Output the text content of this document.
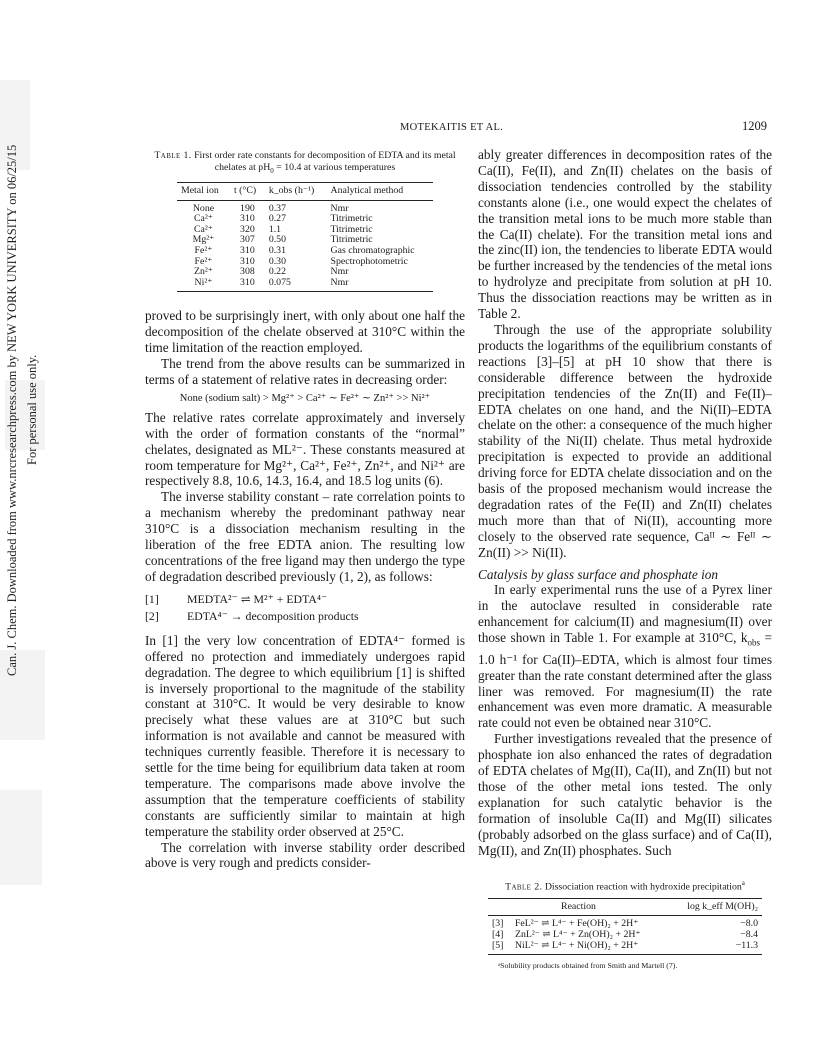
MOTEKAITIS ET AL.	1209
Can. J. Chem. Downloaded from www.nrcresearchpress.com by NEW YORK UNIVERSITY on 06/25/15 For personal use only.
Table 1. First order rate constants for decomposition of EDTA and its metal chelates at $pH_0 = 10.4$ at various temperatures
Metal ion	t (°C)	k_obs (h⁻¹)	Analytical method
None	190	0.37	Nmr
Ca²⁺	310	0.27	Titrimetric
Ca²⁺	320	1.1	Titrimetric
Mg²⁺	307	0.50	Titrimetric
Fe²⁺	310	0.31	Gas chromatographic
Fe²⁺	310	0.30	Spectrophotometric
Zn²⁺	308	0.22	Nmr
Ni²⁺	310	0.075	Nmr

proved to be surprisingly inert, with only about one half the decomposition of the chelate observed at 310°C within the time limitation of the reaction employed.

The trend from the above results can be summarized in terms of a statement of relative rates in decreasing order:

None (sodium salt) > Mg²⁺ > Ca²⁺ ∼ Fe²⁺ ∼ Zn²⁺ >> Ni²⁺

The relative rates correlate approximately and inversely with the order of formation constants of the “normal” chelates, designated as ML²⁻. These constants measured at room temperature for Mg²⁺, Ca²⁺, Fe²⁺, Zn²⁺, and Ni²⁺ are respectively 8.8, 10.6, 14.3, 16.4, and 18.5 log units (6).

The inverse stability constant – rate correlation points to a mechanism whereby the predominant pathway near 310°C is a dissociation mechanism resulting in the liberation of the free EDTA anion. The resulting low concentrations of the free ligand may then undergo the type of degradation described previously (1, 2), as follows:

[1]	MEDTA²⁻ ⇌ M²⁺ + EDTA⁴⁻
[2]	EDTA⁴⁻ → decomposition products

In [1] the very low concentration of EDTA⁴⁻ formed is offered no protection and immediately undergoes rapid degradation. The degree to which equilibrium [1] is shifted is inversely proportional to the magnitude of the stability constant at 310°C. It would be very desirable to know precisely what these values are at 310°C but such information is not available and cannot be measured with techniques currently feasible. Therefore it is necessary to settle for the time being for equilibrium data taken at room temperature. The comparisons made above involve the assumption that the temperature coefficients of stability constants are sufficiently similar to maintain at high temperature the stability order observed at 25°C.

The correlation with inverse stability order described above is very rough and predicts consider-

ably greater differences in decomposition rates of the Ca(II), Fe(II), and Zn(II) chelates on the basis of dissociation tendencies controlled by the stability constants alone (i.e., one would expect the chelates of the transition metal ions to be much more stable than the Ca(II) chelate). For the transition metal ions and the zinc(II) ion, the tendencies to liberate EDTA would be further increased by the tendencies of the metal ions to hydrolyze and precipitate from solution at pH 10. Thus the dissociation reactions may be written as in Table 2.

Through the use of the appropriate solubility products the logarithms of the equilibrium constants of reactions [3]–[5] at pH 10 show that there is considerable difference between the hydroxide precipitation tendencies of the Zn(II) and Fe(II)–EDTA chelates on one hand, and the Ni(II)–EDTA chelate on the other: a consequence of the much higher stability of the Ni(II) chelate. Thus metal hydroxide precipitation is expected to provide an additional driving force for EDTA chelate dissociation and on the basis of the proposed mechanism would increase the degradation rates of the Fe(II) and Zn(II) chelates much more than that of Ni(II), accounting more closely to the observed rate sequence, Caᴵᴵ ∼ Feᴵᴵ ∼ Zn(II) >> Ni(II).

Catalysis by glass surface and phosphate ion

In early experimental runs the use of a Pyrex liner in the autoclave resulted in considerable rate enhancement for calcium(II) and magnesium(II) over those shown in Table 1. For example at 310°C, $k_{obs} = 1.0$ h⁻¹ for Ca(II)–EDTA, which is almost four times greater than the rate constant determined after the glass liner was removed. For magnesium(II) the rate enhancement was even more dramatic. A measurable rate could not even be obtained near 310°C.

Further investigations revealed that the presence of phosphate ion also enhanced the rates of degradation of EDTA chelates of Mg(II), Ca(II), and Zn(II) but not those of the other metal ions tested. The only explanation for such catalytic behavior is the formation of insoluble Ca(II) and Mg(II) silicates (probably adsorbed on the glass surface) and of Ca(II), Mg(II), and Zn(II) phosphates. Such

Table 2. Dissociation reaction with hydroxide precipitation$^a$
Reaction		log k_eff M(OH)₂
[3]	FeL²⁻ ⇌ L⁴⁻ + Fe(OH)₂ + 2H⁺	−8.0
[4]	ZnL²⁻ ⇌ L⁴⁻ + Zn(OH)₂ + 2H⁺	−8.4
[5]	NiL²⁻ ⇌ L⁴⁻ + Ni(OH)₂ + 2H⁺	−11.3
ᵃSolubility products obtained from Smith and Martell (7).
